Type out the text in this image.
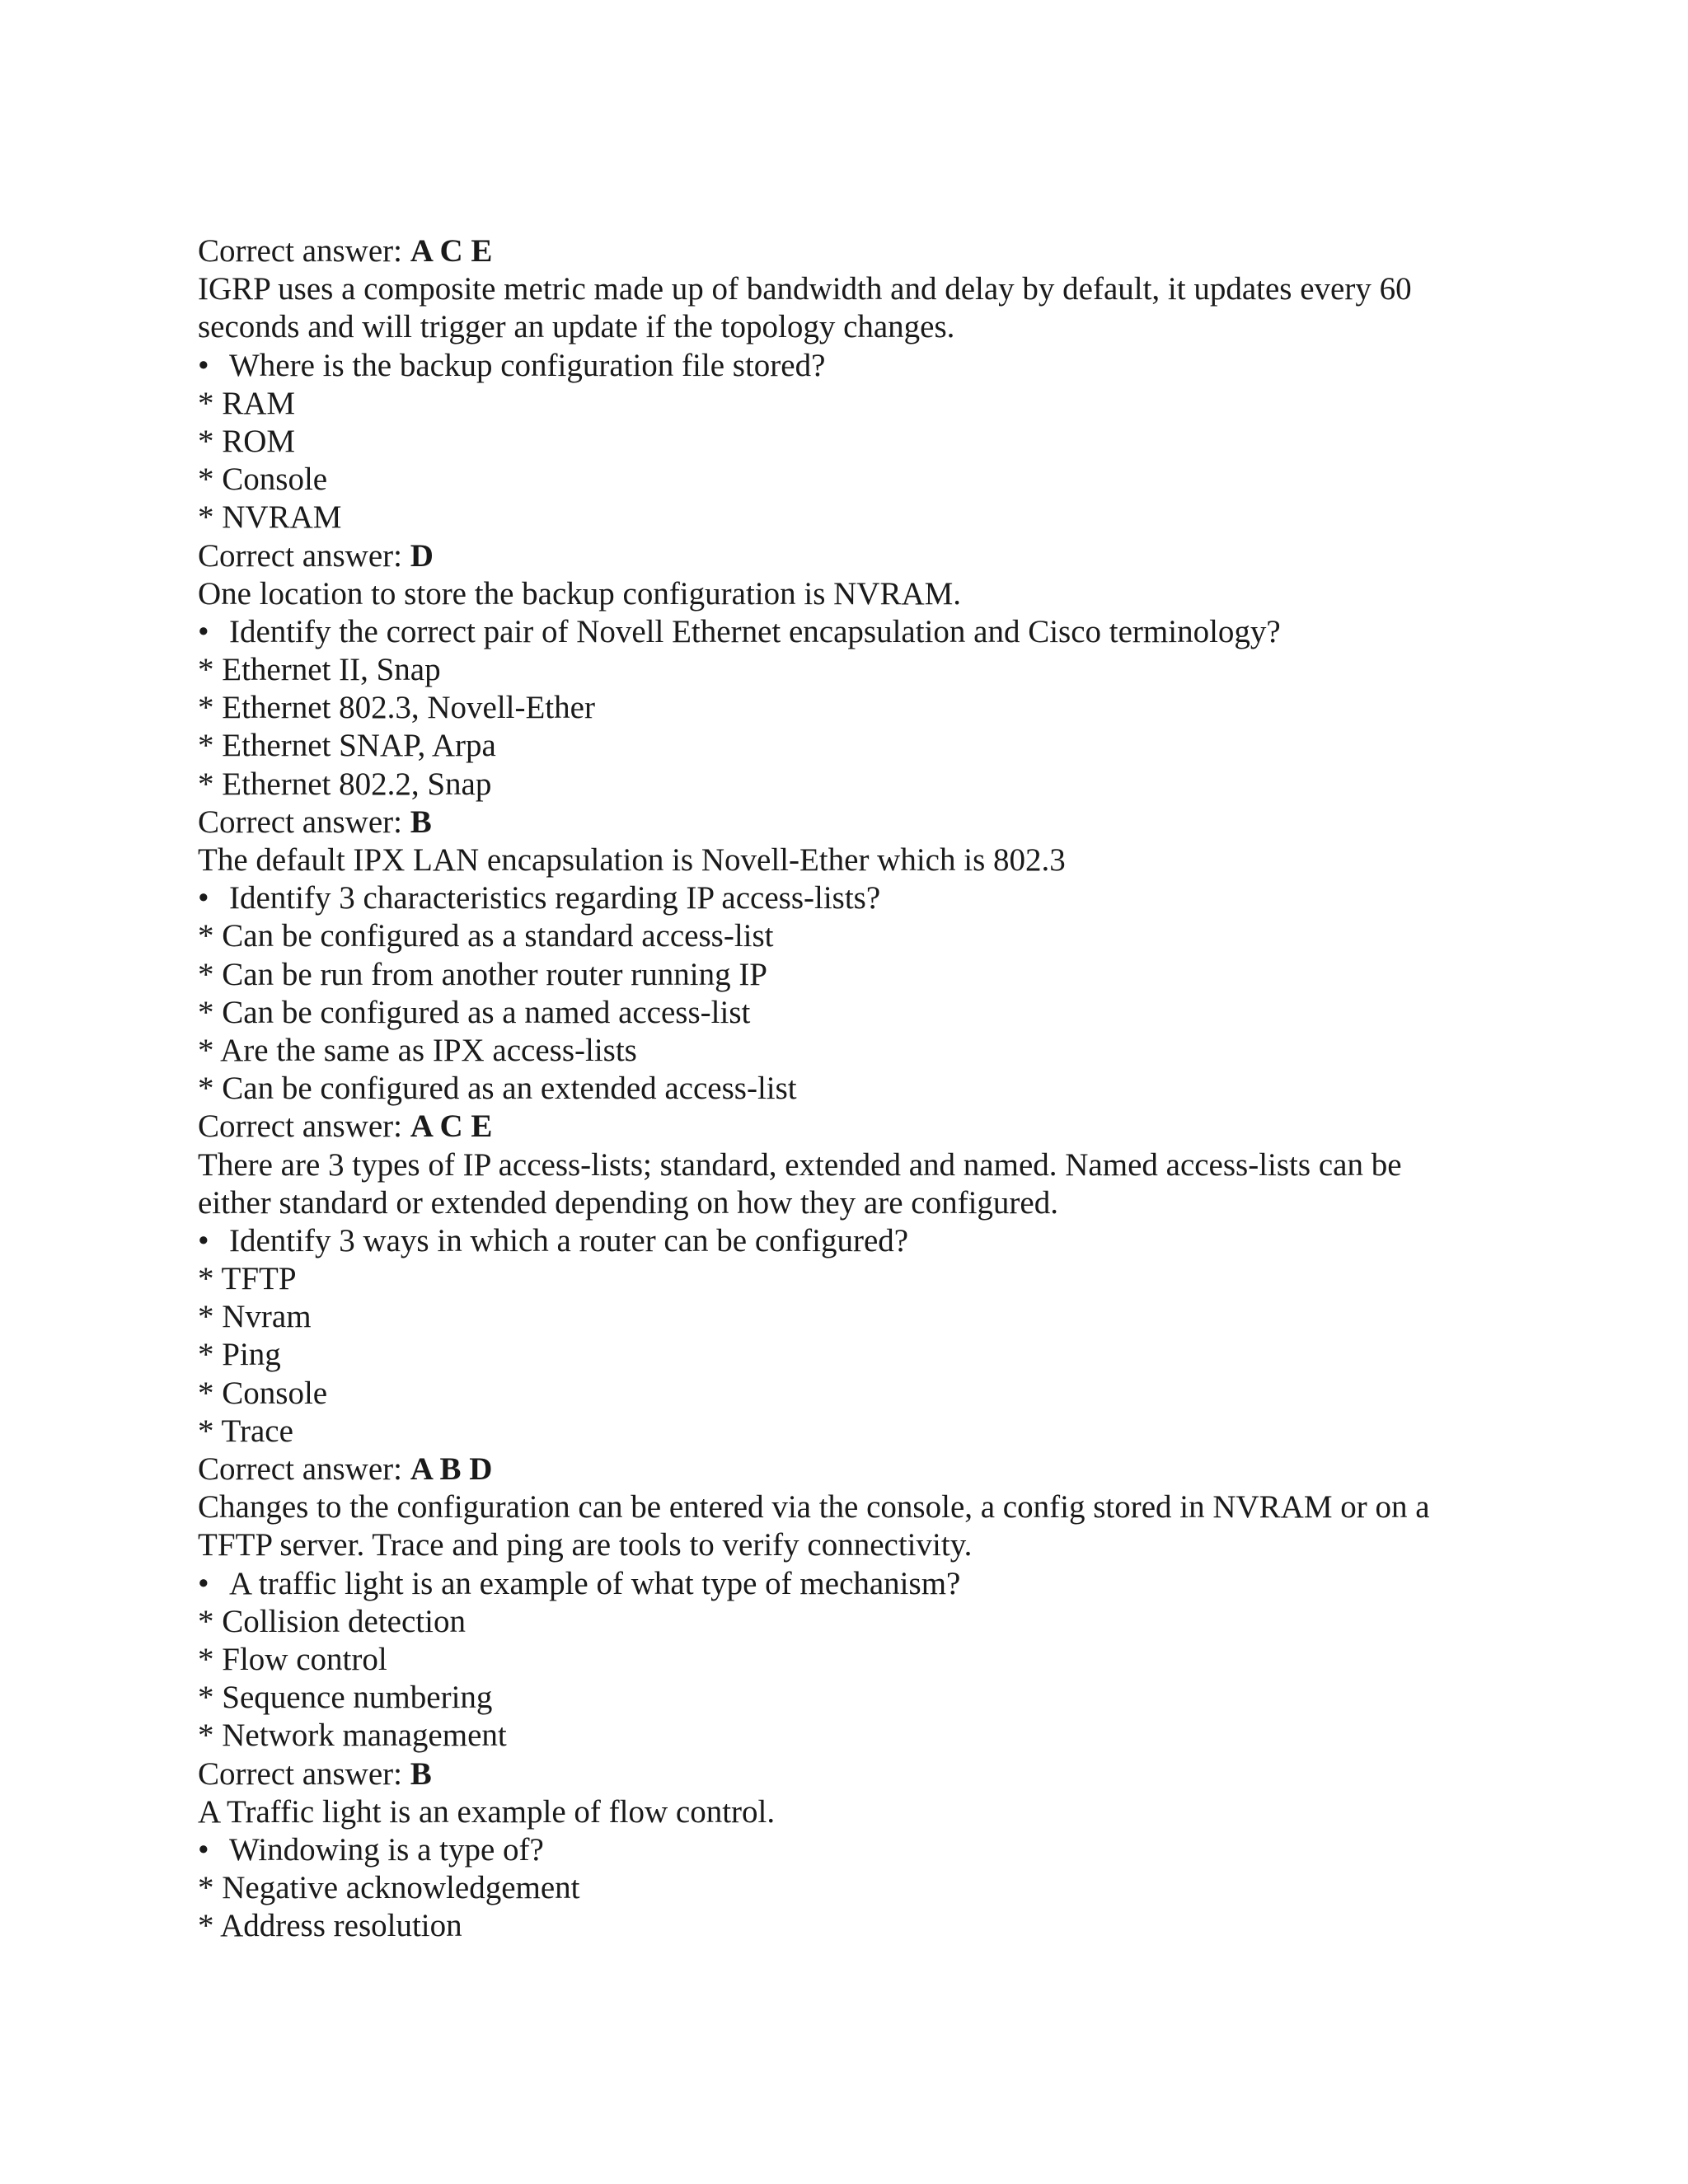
Correct answer: A C E
IGRP uses a composite metric made up of bandwidth and delay by default, it updates every 60
seconds and will trigger an update if the topology changes.
• Where is the backup configuration file stored?
* RAM
* ROM
* Console
* NVRAM
Correct answer: D
One location to store the backup configuration is NVRAM.
• Identify the correct pair of Novell Ethernet encapsulation and Cisco terminology?
* Ethernet II, Snap
* Ethernet 802.3, Novell-Ether
* Ethernet SNAP, Arpa
* Ethernet 802.2, Snap
Correct answer: B
The default IPX LAN encapsulation is Novell-Ether which is 802.3
• Identify 3 characteristics regarding IP access-lists?
* Can be configured as a standard access-list
* Can be run from another router running IP
* Can be configured as a named access-list
* Are the same as IPX access-lists
* Can be configured as an extended access-list
Correct answer: A C E
There are 3 types of IP access-lists; standard, extended and named. Named access-lists can be
either standard or extended depending on how they are configured.
• Identify 3 ways in which a router can be configured?
* TFTP
* Nvram
* Ping
* Console
* Trace
Correct answer: A B D
Changes to the configuration can be entered via the console, a config stored in NVRAM or on a
TFTP server. Trace and ping are tools to verify connectivity.
• A traffic light is an example of what type of mechanism?
* Collision detection
* Flow control
* Sequence numbering
* Network management
Correct answer: B
A Traffic light is an example of flow control.
• Windowing is a type of?
* Negative acknowledgement
* Address resolution
